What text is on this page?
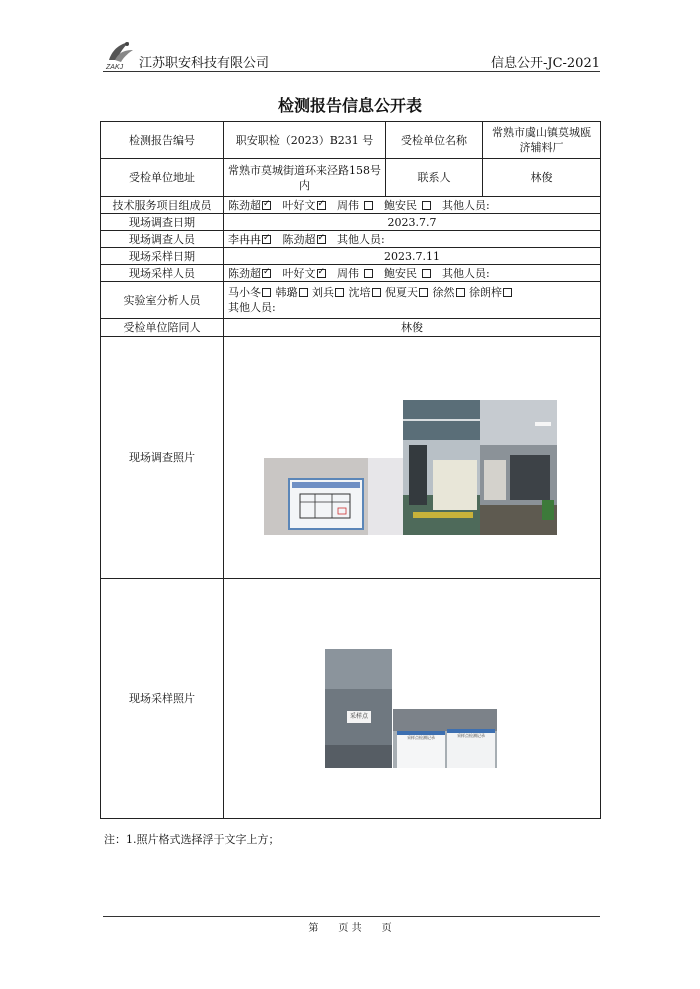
ZAKJ 江苏职安科技有限公司	信息公开-JC-2021
检测报告信息公开表
检测报告编号	职安职检（2023）B231 号	受检单位名称	常熟市虞山镇莫城瓯济辅料厂
受检单位地址	常熟市莫城街道环来泾路158号内	联系人	林俊
技术服务项目组成员	陈劲超 ✓ 叶好文 ✓ 周伟 鲍安民 其他人员:
现场调查日期	2023.7.7		
现场调查人员	李冉冉 ✓ 陈劲超 ✓ 其他人员:
现场采样日期	2023.7.11		
现场采样人员	陈劲超 ✓ 叶好文 ✓ 周伟 鲍安民 其他人员:
实验室分析人员	马小冬 韩璐 刘兵 沈培 倪夏天 徐然 徐朗梓
其他人员:		

受检单位陪同人	林俊		
现场调查照片			
现场采样照片			
采样点
采样点检测记录	采样点检测记录
注：1.照片格式选择浮于文字上方；
第　　页 共　　页
